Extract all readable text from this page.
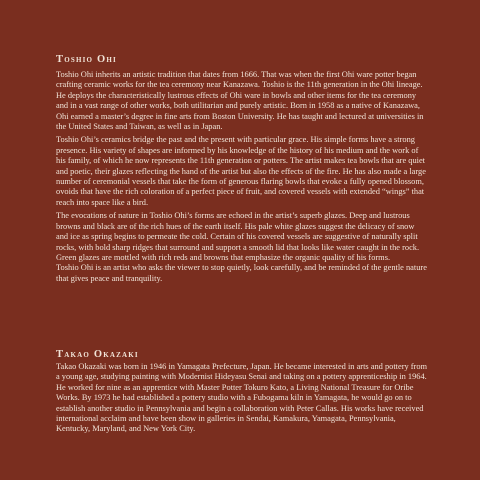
Toshio Ohi

Toshio Ohi inherits an artistic tradition that dates from 1666. That was when the first Ohi ware potter began crafting ceramic works for the tea ceremony near Kanazawa. Toshio is the 11th generation in the Ohi lineage. He deploys the characteristically lustrous effects of Ohi ware in bowls and other items for the tea ceremony and in a vast range of other works, both utilitarian and purely artistic. Born in 1958 as a native of Kanazawa, Ohi earned a master’s degree in fine arts from Boston University. He has taught and lectured at universities in the United States and Taiwan, as well as in Japan.

Toshio Ohi’s ceramics bridge the past and the present with particular grace. His simple forms have a strong presence. His variety of shapes are informed by his knowledge of the history of his medium and the work of his family, of which he now represents the 11th generation or potters. The artist makes tea bowls that are quiet and poetic, their glazes reflecting the hand of the artist but also the effects of the fire. He has also made a large number of ceremonial vessels that take the form of generous flaring bowls that evoke a fully opened blossom, ovoids that have the rich coloration of a perfect piece of fruit, and covered vessels with extended “wings” that reach into space like a bird.

The evocations of nature in Toshio Ohi’s forms are echoed in the artist’s superb glazes. Deep and lustrous browns and black are of the rich hues of the earth itself. His pale white glazes suggest the delicacy of snow and ice as spring begins to permeate the cold. Certain of his covered vessels are suggestive of naturally split rocks, with bold sharp ridges that surround and support a smooth lid that looks like water caught in the rock. Green glazes are mottled with rich reds and browns that emphasize the organic quality of his forms.

Toshio Ohi is an artist who asks the viewer to stop quietly, look carefully, and be reminded of the gentle nature that gives peace and tranquility.

Takao Okazaki

Takao Okazaki was born in 1946 in Yamagata Prefecture, Japan. He became interested in arts and pottery from a young age, studying painting with Modernist Hideyasu Senai and taking on a pottery apprenticeship in 1964. He worked for nine as an apprentice with Master Potter Tokuro Kato, a Living National Treasure for Oribe Works. By 1973 he had established a pottery studio with a Fubogama kiln in Yamagata, he would go on to establish another studio in Pennsylvania and begin a collaboration with Peter Callas. His works have received international acclaim and have been show in galleries in Sendai, Kamakura, Yamagata, Pennsylvania, Kentucky, Maryland, and New York City.
